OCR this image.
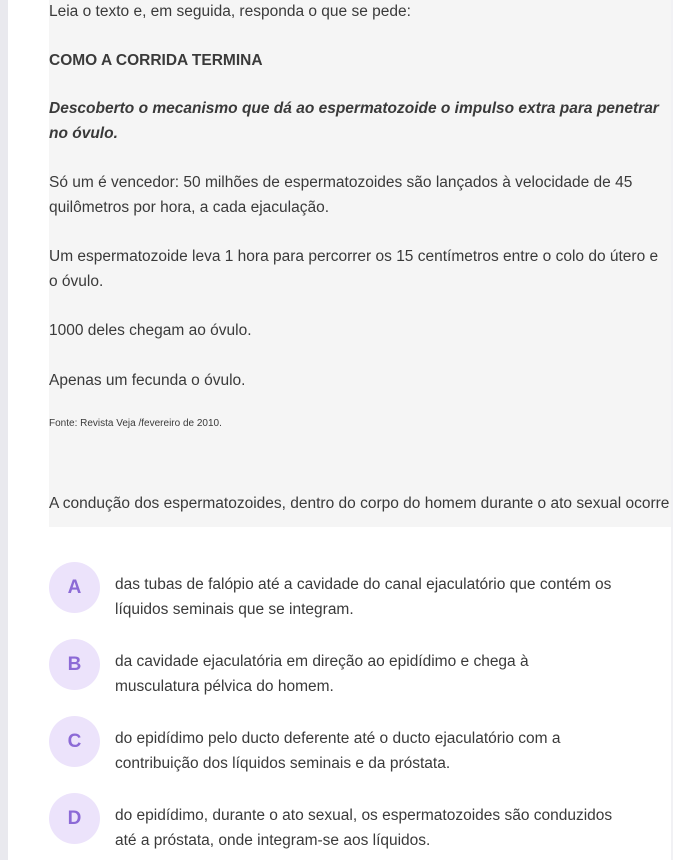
Leia o texto e, em seguida, responda o que se pede:

COMO A CORRIDA TERMINA

Descoberto o mecanismo que dá ao espermatozoide o impulso extra para penetrar no óvulo.

Só um é vencedor: 50 milhões de espermatozoides são lançados à velocidade de 45 quilômetros por hora, a cada ejaculação.

Um espermatozoide leva 1 hora para percorrer os 15 centímetros entre o colo do útero e o óvulo.

1000 deles chegam ao óvulo.

Apenas um fecunda o óvulo.

Fonte: Revista Veja /fevereiro de 2010.

A condução dos espermatozoides, dentro do corpo do homem durante o ato sexual ocorre

A	das tubas de falópio até a cavidade do canal ejaculatório que contém os líquidos seminais que se integram.
B	da cavidade ejaculatória em direção ao epidídimo e chega à musculatura pélvica do homem.
C	do epidídimo pelo ducto deferente até o ducto ejaculatório com a contribuição dos líquidos seminais e da próstata.
D	do epidídimo, durante o ato sexual, os espermatozoides são conduzidos até a próstata, onde integram-se aos líquidos.
